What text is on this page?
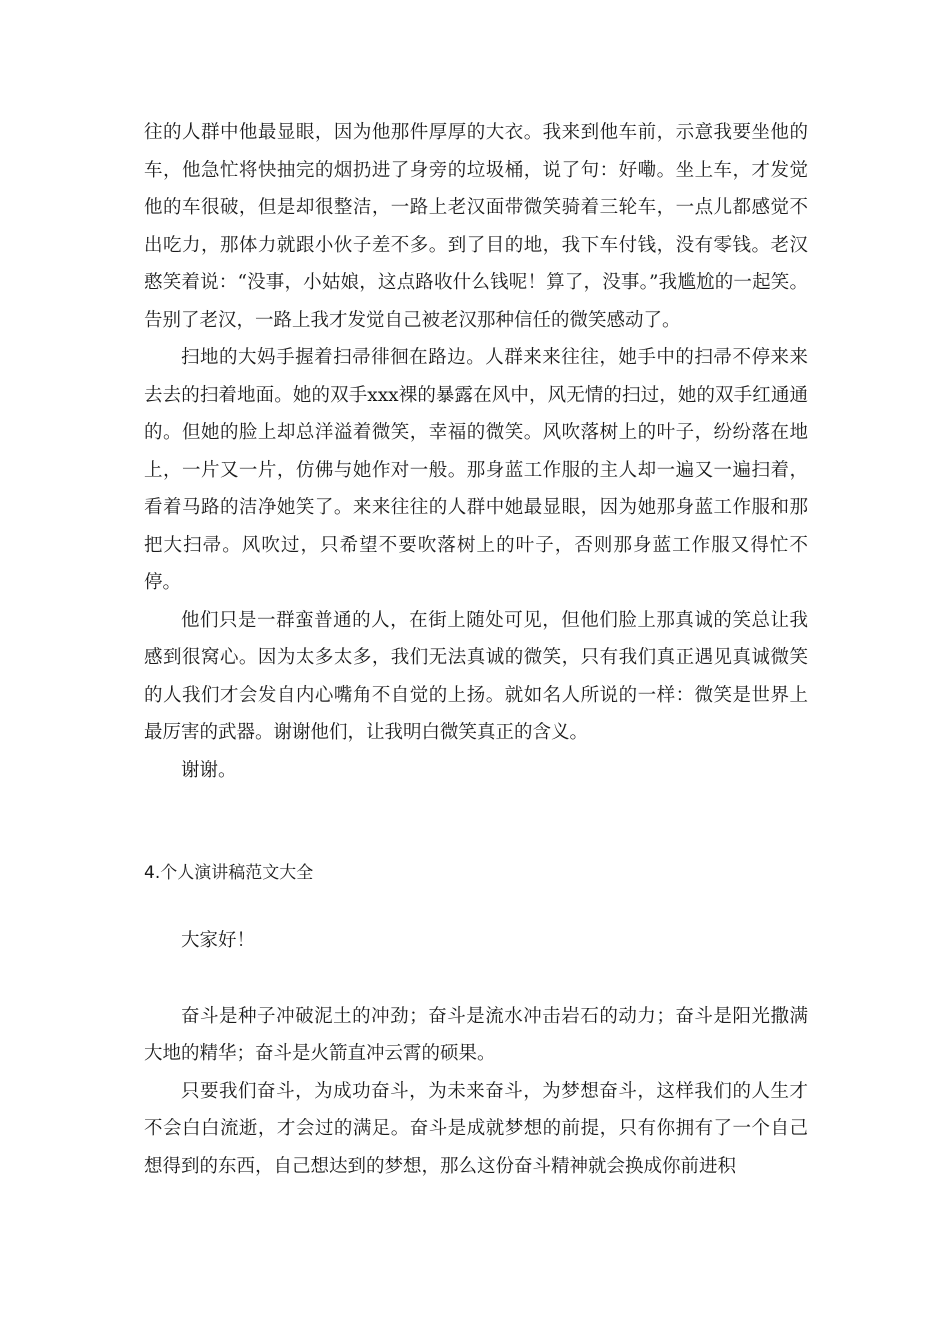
往的人群中他最显眼，因为他那件厚厚的大衣。我来到他车前，示意我要坐他的车，他急忙将快抽完的烟扔进了身旁的垃圾桶，说了句：好嘞。坐上车，才发觉他的车很破，但是却很整洁，一路上老汉面带微笑骑着三轮车，一点儿都感觉不出吃力，那体力就跟小伙子差不多。到了目的地，我下车付钱，没有零钱。老汉憨笑着说：“没事，小姑娘，这点路收什么钱呢！算了，没事。”我尴尬的一起笑。告别了老汉，一路上我才发觉自己被老汉那种信任的微笑感动了。

扫地的大妈手握着扫帚徘徊在路边。人群来来往往，她手中的扫帚不停来来去去的扫着地面。她的双手xxx裸的暴露在风中，风无情的扫过，她的双手红通通的。但她的脸上却总洋溢着微笑，幸福的微笑。风吹落树上的叶子，纷纷落在地上，一片又一片，仿佛与她作对一般。那身蓝工作服的主人却一遍又一遍扫着，看着马路的洁净她笑了。来来往往的人群中她最显眼，因为她那身蓝工作服和那把大扫帚。风吹过，只希望不要吹落树上的叶子，否则那身蓝工作服又得忙不停。

他们只是一群蛮普通的人，在街上随处可见，但他们脸上那真诚的笑总让我感到很窝心。因为太多太多，我们无法真诚的微笑，只有我们真正遇见真诚微笑的人我们才会发自内心嘴角不自觉的上扬。就如名人所说的一样：微笑是世界上最厉害的武器。谢谢他们，让我明白微笑真正的含义。

谢谢。

4.个人演讲稿范文大全

大家好！

奋斗是种子冲破泥土的冲劲；奋斗是流水冲击岩石的动力；奋斗是阳光撒满大地的精华；奋斗是火箭直冲云霄的硕果。

只要我们奋斗，为成功奋斗，为未来奋斗，为梦想奋斗，这样我们的人生才不会白白流逝，才会过的满足。奋斗是成就梦想的前提，只有你拥有了一个自己想得到的东西，自己想达到的梦想，那么这份奋斗精神就会换成你前进积
